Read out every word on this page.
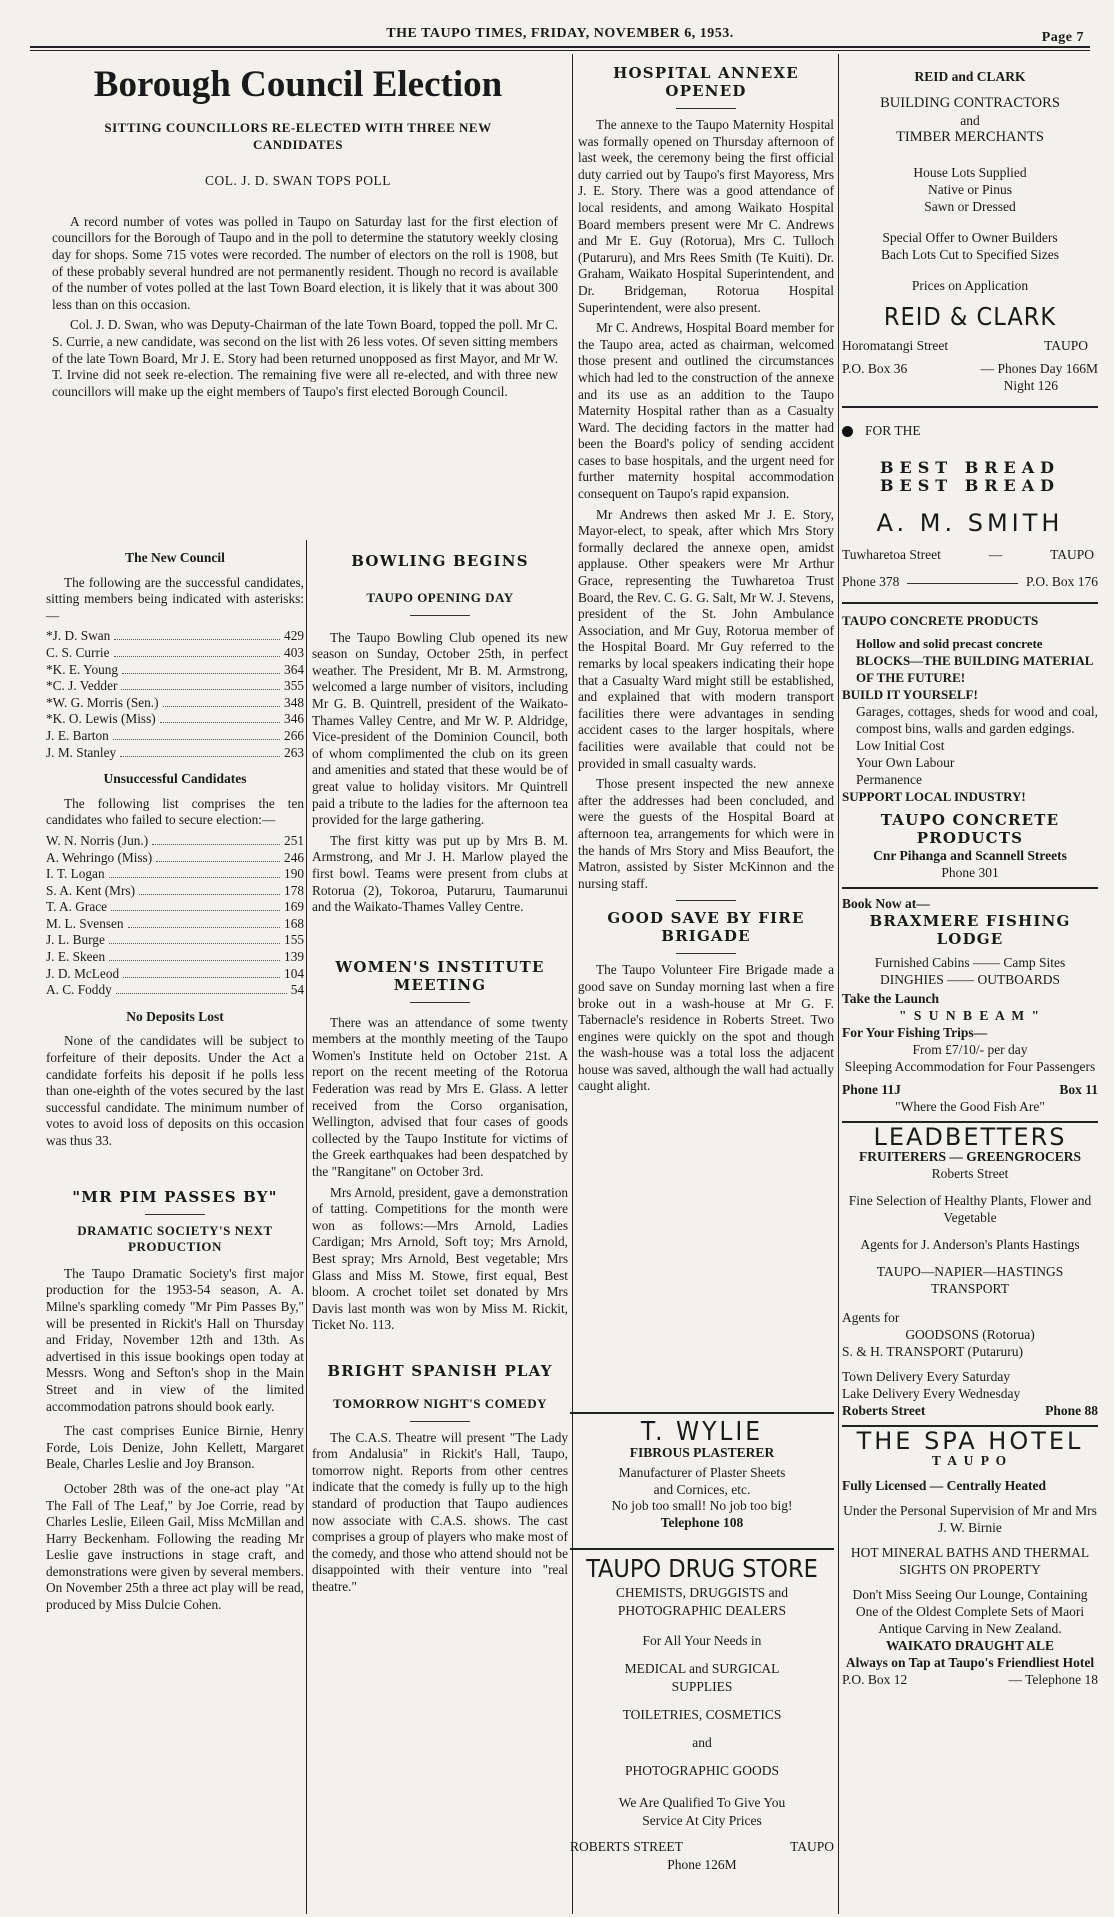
THE TAUPO TIMES, FRIDAY, NOVEMBER 6, 1953.	Page 7
Borough Council Election
SITTING COUNCILLORS RE-ELECTED WITH THREE NEW CANDIDATES
COL. J. D. SWAN TOPS POLL

A record number of votes was polled in Taupo on Saturday last for the first election of councillors for the Borough of Taupo and in the poll to determine the statutory weekly closing day for shops. Some 715 votes were recorded. The number of electors on the roll is 1908, but of these probably several hundred are not permanently resident. Though no record is available of the number of votes polled at the last Town Board election, it is likely that it was about 300 less than on this occasion.

Col. J. D. Swan, who was Deputy-Chairman of the late Town Board, topped the poll. Mr C. S. Currie, a new candidate, was second on the list with 26 less votes. Of seven sitting members of the late Town Board, Mr J. E. Story had been returned unopposed as first Mayor, and Mr W. T. Irvine did not seek re-election. The remaining five were all re-elected, and with three new councillors will make up the eight members of Taupo's first elected Borough Council.

The New Council

The following are the successful candidates, sitting members being indicated with asterisks:—

*J. D. Swan	429
C. S. Currie	403
*K. E. Young	364
*C. J. Vedder	355
*W. G. Morris (Sen.)	348
*K. O. Lewis (Miss)	346
J. E. Barton	266
J. M. Stanley	263
Unsuccessful Candidates

The following list comprises the ten candidates who failed to secure election:—

W. N. Norris (Jun.)	251
A. Wehringo (Miss)	246
I. T. Logan	190
S. A. Kent (Mrs)	178
T. A. Grace	169
M. L. Svensen	168
J. L. Burge	155
J. E. Skeen	139
J. D. McLeod	104
A. C. Foddy	54
No Deposits Lost

None of the candidates will be subject to forfeiture of their deposits. Under the Act a candidate forfeits his deposit if he polls less than one-eighth of the votes secured by the last successful candidate. The minimum number of votes to avoid loss of deposits on this occasion was thus 33.

"MR PIM PASSES BY"
DRAMATIC SOCIETY'S NEXT PRODUCTION

The Taupo Dramatic Society's first major production for the 1953-54 season, A. A. Milne's sparkling comedy "Mr Pim Passes By," will be presented in Rickit's Hall on Thursday and Friday, November 12th and 13th. As advertised in this issue bookings open today at Messrs. Wong and Sefton's shop in the Main Street and in view of the limited accommodation patrons should book early.

The cast comprises Eunice Birnie, Henry Forde, Lois Denize, John Kellett, Margaret Beale, Charles Leslie and Joy Branson.

October 28th was of the one-act play "At The Fall of The Leaf," by Joe Corrie, read by Charles Leslie, Eileen Gail, Miss McMillan and Harry Beckenham. Following the reading Mr Leslie gave instructions in stage craft, and demonstrations were given by several members. On November 25th a three act play will be read, produced by Miss Dulcie Cohen.

BOWLING BEGINS
TAUPO OPENING DAY

The Taupo Bowling Club opened its new season on Sunday, October 25th, in perfect weather. The President, Mr B. M. Armstrong, welcomed a large number of visitors, including Mr G. B. Quintrell, president of the Waikato-Thames Valley Centre, and Mr W. P. Aldridge, Vice-president of the Dominion Council, both of whom complimented the club on its green and amenities and stated that these would be of great value to holiday visitors. Mr Quintrell paid a tribute to the ladies for the afternoon tea provided for the large gathering.

The first kitty was put up by Mrs B. M. Armstrong, and Mr J. H. Marlow played the first bowl. Teams were present from clubs at Rotorua (2), Tokoroa, Putaruru, Taumarunui and the Waikato-Thames Valley Centre.

WOMEN'S INSTITUTE MEETING

There was an attendance of some twenty members at the monthly meeting of the Taupo Women's Institute held on October 21st. A report on the recent meeting of the Rotorua Federation was read by Mrs E. Glass. A letter received from the Corso organisation, Wellington, advised that four cases of goods collected by the Taupo Institute for victims of the Greek earthquakes had been despatched by the "Rangitane" on October 3rd.

Mrs Arnold, president, gave a demonstration of tatting. Competitions for the month were won as follows:—Mrs Arnold, Ladies Cardigan; Mrs Arnold, Soft toy; Mrs Arnold, Best spray; Mrs Arnold, Best vegetable; Mrs Glass and Miss M. Stowe, first equal, Best bloom. A crochet toilet set donated by Mrs Davis last month was won by Miss M. Rickit, Ticket No. 113.

BRIGHT SPANISH PLAY
TOMORROW NIGHT'S COMEDY

The C.A.S. Theatre will present "The Lady from Andalusia" in Rickit's Hall, Taupo, tomorrow night. Reports from other centres indicate that the comedy is fully up to the high standard of production that Taupo audiences now associate with C.A.S. shows. The cast comprises a group of players who make most of the comedy, and those who attend should not be disappointed with their venture into "real theatre."

HOSPITAL ANNEXE OPENED

The annexe to the Taupo Maternity Hospital was formally opened on Thursday afternoon of last week, the ceremony being the first official duty carried out by Taupo's first Mayoress, Mrs J. E. Story. There was a good attendance of local residents, and among Waikato Hospital Board members present were Mr C. Andrews and Mr E. Guy (Rotorua), Mrs C. Tulloch (Putaruru), and Mrs Rees Smith (Te Kuiti). Dr. Graham, Waikato Hospital Superintendent, and Dr. Bridgeman, Rotorua Hospital Superintendent, were also present.

Mr C. Andrews, Hospital Board member for the Taupo area, acted as chairman, welcomed those present and outlined the circumstances which had led to the construction of the annexe and its use as an addition to the Taupo Maternity Hospital rather than as a Casualty Ward. The deciding factors in the matter had been the Board's policy of sending accident cases to base hospitals, and the urgent need for further maternity hospital accommodation consequent on Taupo's rapid expansion.

Mr Andrews then asked Mr J. E. Story, Mayor-elect, to speak, after which Mrs Story formally declared the annexe open, amidst applause. Other speakers were Mr Arthur Grace, representing the Tuwharetoa Trust Board, the Rev. C. G. G. Salt, Mr W. J. Stevens, president of the St. John Ambulance Association, and Mr Guy, Rotorua member of the Hospital Board. Mr Guy referred to the remarks by local speakers indicating their hope that a Casualty Ward might still be established, and explained that with modern transport facilities there were advantages in sending accident cases to the larger hospitals, where facilities were available that could not be provided in small casualty wards.

Those present inspected the new annexe after the addresses had been concluded, and were the guests of the Hospital Board at afternoon tea, arrangements for which were in the hands of Mrs Story and Miss Beaufort, the Matron, assisted by Sister McKinnon and the nursing staff.

GOOD SAVE BY FIRE BRIGADE

The Taupo Volunteer Fire Brigade made a good save on Sunday morning last when a fire broke out in a wash-house at Mr G. F. Tabernacle's residence in Roberts Street. Two engines were quickly on the spot and though the wash-house was a total loss the adjacent house was saved, although the wall had actually caught alight.

T. WYLIE

FIBROUS PLASTERER

Manufacturer of Plaster Sheets

and Cornices, etc.

No job too small! No job too big!

Telephone 108

TAUPO DRUG STORE

CHEMISTS, DRUGGISTS and

PHOTOGRAPHIC DEALERS

For All Your Needs in

MEDICAL and SURGICAL

SUPPLIES

TOILETRIES, COSMETICS

and

PHOTOGRAPHIC GOODS

We Are Qualified To Give You

Service At City Prices

ROBERTS STREET	TAUPO

Phone 126M

REID and CLARK

BUILDING CONTRACTORS

and

TIMBER MERCHANTS

House Lots Supplied

Native or Pinus

Sawn or Dressed

Special Offer to Owner Builders

Bach Lots Cut to Specified Sizes

Prices on Application

REID & CLARK
Horomatangi Street	TAUPO
P.O. Box 36	— Phones Day 166M

Night 126

FOR THE

BEST BREAD

BEST BREAD

A. M. SMITH
Tuwharetoa Street	—	TAUPO
Phone 378	P.O. Box 176

TAUPO CONCRETE PRODUCTS

Hollow and solid precast concrete BLOCKS—THE BUILDING MATERIAL OF THE FUTURE!

BUILD IT YOURSELF!

Garages, cottages, sheds for wood and coal, compost bins, walls and garden edgings.

Low Initial Cost

Your Own Labour

Permanence

SUPPORT LOCAL INDUSTRY!

TAUPO CONCRETE PRODUCTS

Cnr Pihanga and Scannell Streets

Phone 301

Book Now at—

BRAXMERE FISHING LODGE

Furnished Cabins —— Camp Sites

DINGHIES —— OUTBOARDS

Take the Launch

" S U N B E A M "

For Your Fishing Trips—

From £7/10/- per day

Sleeping Accommodation for Four Passengers

Phone 11J	Box 11

"Where the Good Fish Are"

LEADBETTERS

FRUITERERS — GREENGROCERS

Roberts Street

Fine Selection of Healthy Plants, Flower and Vegetable

Agents for J. Anderson's Plants Hastings

TAUPO—NAPIER—HASTINGS TRANSPORT

Agents for

GOODSONS (Rotorua)

S. & H. TRANSPORT (Putaruru)

Town Delivery Every Saturday

Lake Delivery Every Wednesday

Roberts Street	Phone 88
THE SPA HOTEL

T A U P O

Fully Licensed — Centrally Heated

Under the Personal Supervision of Mr and Mrs J. W. Birnie

HOT MINERAL BATHS AND THERMAL SIGHTS ON PROPERTY

Don't Miss Seeing Our Lounge, Containing One of the Oldest Complete Sets of Maori Antique Carving in New Zealand.

WAIKATO DRAUGHT ALE

Always on Tap at Taupo's Friendliest Hotel

P.O. Box 12	— Telephone 18
